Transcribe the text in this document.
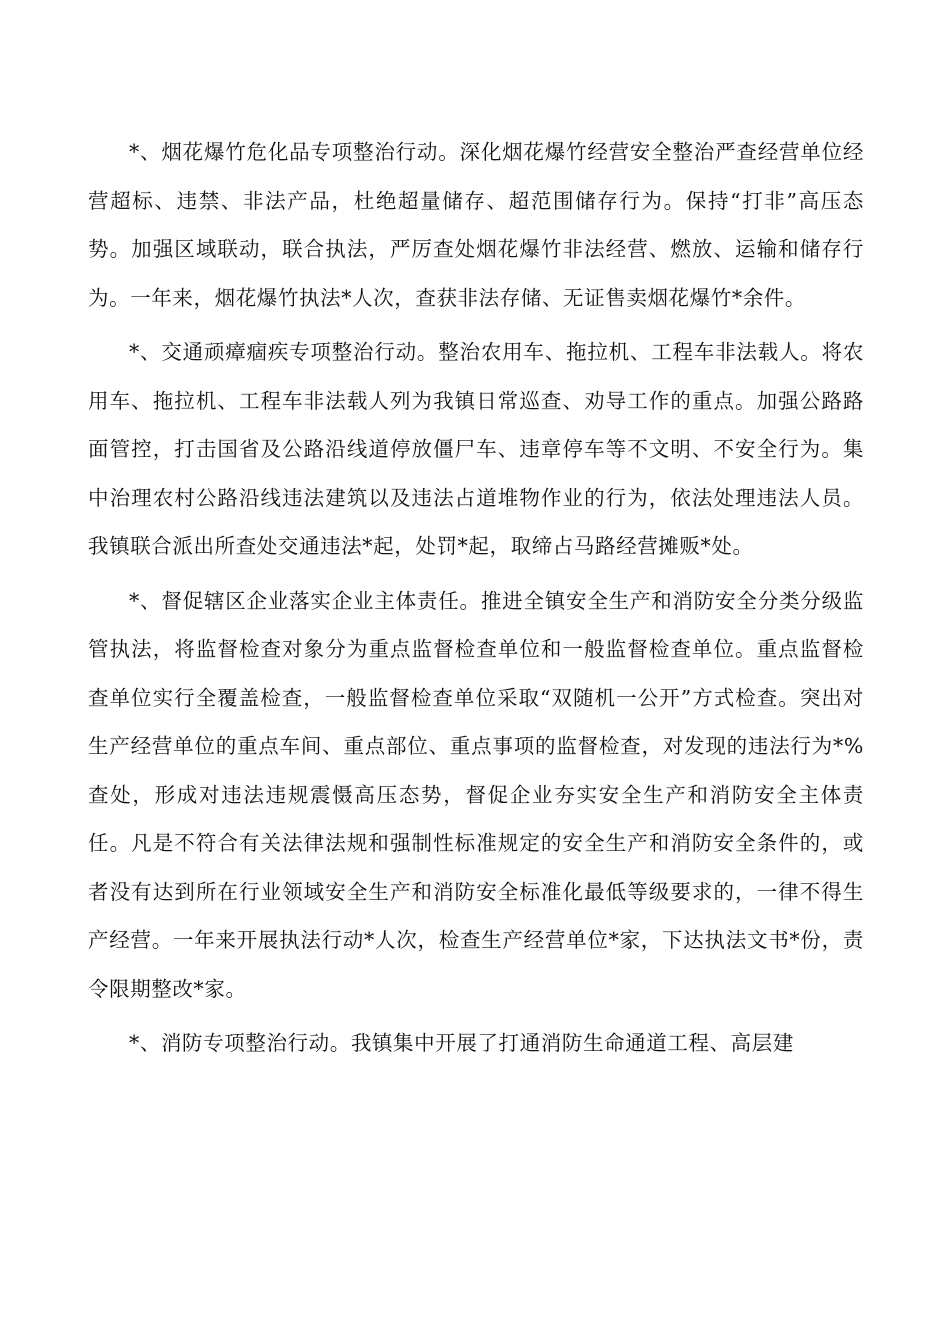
*、烟花爆竹危化品专项整治行动。深化烟花爆竹经营安全整治严查经营单位经营超标、违禁、非法产品，杜绝超量储存、超范围储存行为。保持“打非”高压态势。加强区域联动，联合执法，严厉查处烟花爆竹非法经营、燃放、运输和储存行为。一年来，烟花爆竹执法*人次，查获非法存储、无证售卖烟花爆竹*余件。

*、交通顽瘴痼疾专项整治行动。整治农用车、拖拉机、工程车非法载人。将农用车、拖拉机、工程车非法载人列为我镇日常巡查、劝导工作的重点。加强公路路面管控，打击国省及公路沿线道停放僵尸车、违章停车等不文明、不安全行为。集中治理农村公路沿线违法建筑以及违法占道堆物作业的行为，依法处理违法人员。我镇联合派出所查处交通违法*起，处罚*起，取缔占马路经营摊贩*处。

*、督促辖区企业落实企业主体责任。推进全镇安全生产和消防安全分类分级监管执法，将监督检查对象分为重点监督检查单位和一般监督检查单位。重点监督检查单位实行全覆盖检查，一般监督检查单位采取“双随机一公开”方式检查。突出对生产经营单位的重点车间、重点部位、重点事项的监督检查，对发现的违法行为*%查处，形成对违法违规震慑高压态势，督促企业夯实安全生产和消防安全主体责任。凡是不符合有关法律法规和强制性标准规定的安全生产和消防安全条件的，或者没有达到所在行业领域安全生产和消防安全标准化最低等级要求的，一律不得生产经营。一年来开展执法行动*人次，检查生产经营单位*家，下达执法文书*份，责令限期整改*家。

*、消防专项整治行动。我镇集中开展了打通消防生命通道工程、高层建
